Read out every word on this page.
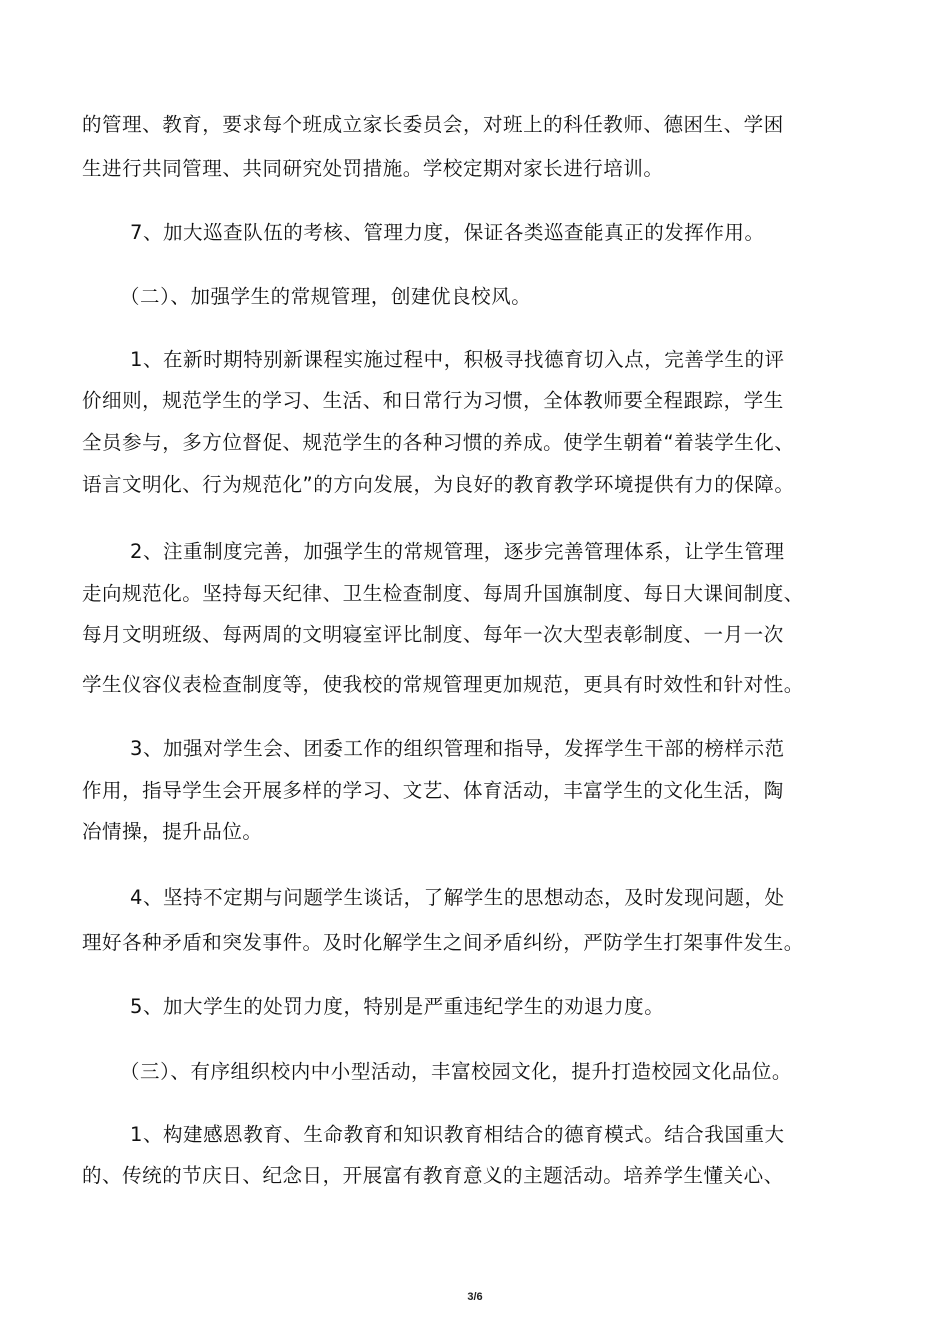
的管理、教育，要求每个班成立家长委员会，对班上的科任教师、德困生、学困
生进行共同管理、共同研究处罚措施。学校定期对家长进行培训。
7、加大巡查队伍的考核、管理力度，保证各类巡查能真正的发挥作用。
（二）、加强学生的常规管理，创建优良校风。
1、在新时期特别新课程实施过程中，积极寻找德育切入点，完善学生的评
价细则，规范学生的学习、生活、和日常行为习惯，全体教师要全程跟踪，学生
全员参与，多方位督促、规范学生的各种习惯的养成。使学生朝着“着装学生化、
语言文明化、行为规范化”的方向发展，为良好的教育教学环境提供有力的保障。
2、注重制度完善，加强学生的常规管理，逐步完善管理体系，让学生管理
走向规范化。坚持每天纪律、卫生检查制度、每周升国旗制度、每日大课间制度、
每月文明班级、每两周的文明寝室评比制度、每年一次大型表彰制度、一月一次
学生仪容仪表检查制度等，使我校的常规管理更加规范，更具有时效性和针对性。
3、加强对学生会、团委工作的组织管理和指导，发挥学生干部的榜样示范
作用，指导学生会开展多样的学习、文艺、体育活动，丰富学生的文化生活，陶
冶情操，提升品位。
4、坚持不定期与问题学生谈话，了解学生的思想动态，及时发现问题，处
理好各种矛盾和突发事件。及时化解学生之间矛盾纠纷，严防学生打架事件发生。
5、加大学生的处罚力度，特别是严重违纪学生的劝退力度。
（三）、有序组织校内中小型活动，丰富校园文化，提升打造校园文化品位。
1、构建感恩教育、生命教育和知识教育相结合的德育模式。结合我国重大
的、传统的节庆日、纪念日，开展富有教育意义的主题活动。培养学生懂关心、
3/6
